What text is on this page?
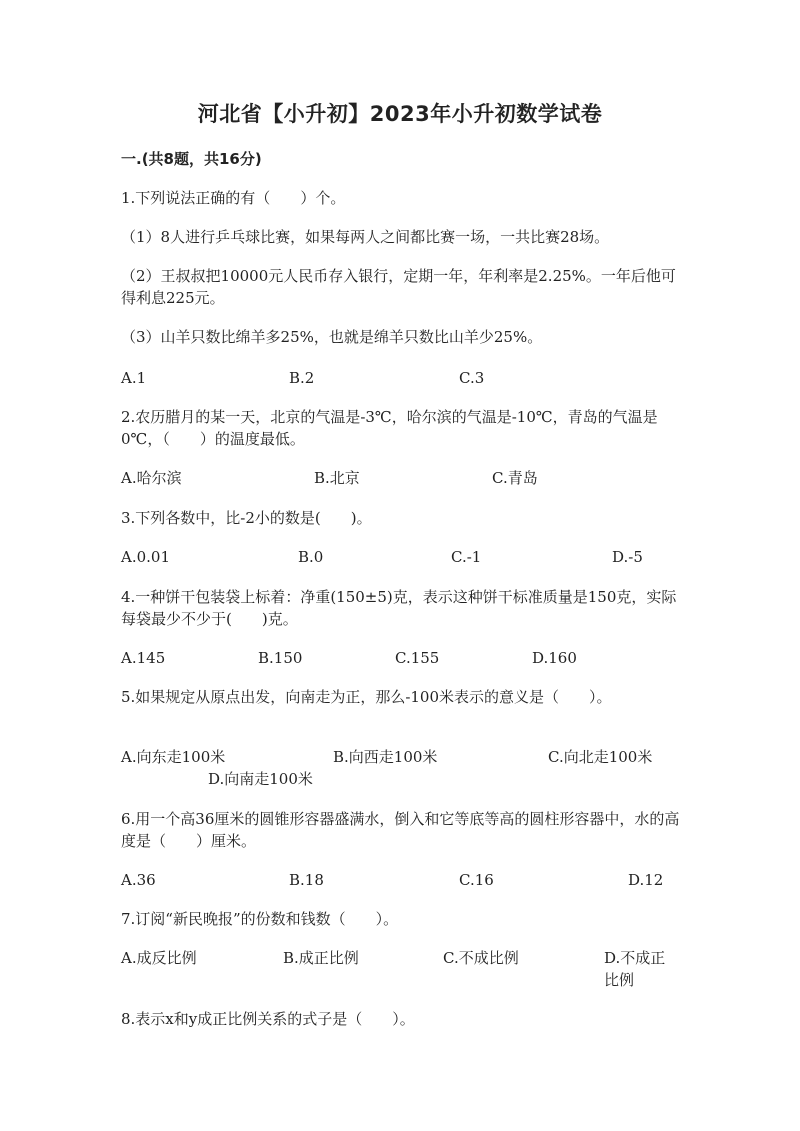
河北省【小升初】2023年小升初数学试卷
一.(共8题，共16分)
1.下列说法正确的有（　　）个。
（1）8人进行乒乓球比赛，如果每两人之间都比赛一场，一共比赛28场。
（2）王叔叔把10000元人民币存入银行，定期一年，年利率是2.25%。一年后他可得利息225元。
（3）山羊只数比绵羊多25%，也就是绵羊只数比山羊少25%。
A.1	B.2	C.3
2.农历腊月的某一天，北京的气温是-3℃，哈尔滨的气温是-10℃，青岛的气温是0℃，（　　）的温度最低。
A.哈尔滨	B.北京	C.青岛
3.下列各数中，比-2小的数是(　　)。
A.0.01	B.0	C.-1	D.-5
4.一种饼干包装袋上标着：净重(150±5)克，表示这种饼干标准质量是150克，实际每袋最少不少于(　　)克。
A.145	B.150	C.155	D.160
5.如果规定从原点出发，向南走为正，那么-100米表示的意义是（　　）。
A.向东走100米	B.向西走100米	C.向北走100米
D.向南走100米
6.用一个高36厘米的圆锥形容器盛满水，倒入和它等底等高的圆柱形容器中，水的高度是（　　）厘米。
A.36	B.18	C.16	D.12
7.订阅“新民晚报”的份数和钱数（　　）。
A.成反比例	B.成正比例	C.不成比例	D.不成正比例
8.表示x和y成正比例关系的式子是（　　）。
